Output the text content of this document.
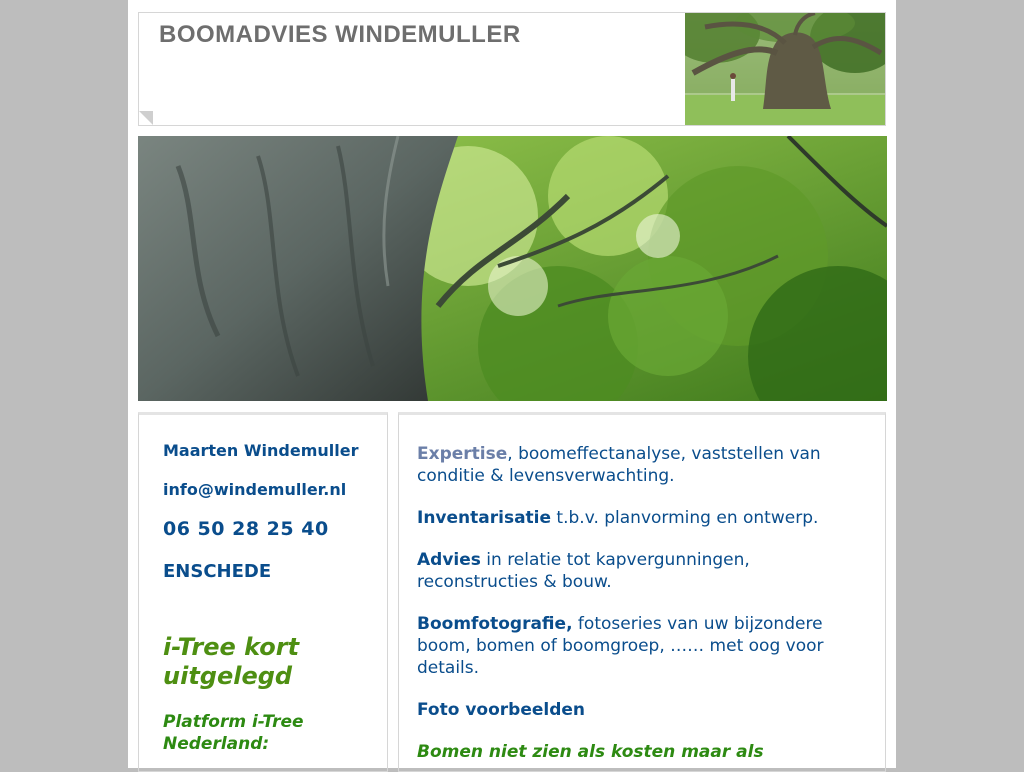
BOOMADVIES WINDEMULLER
Maarten Windemuller
info@windemuller.nl
06 50 28 25 40
ENSCHEDE
i-Tree kort uitgelegd
Platform i-Tree Nederland:
Expertise, boomeffectanalyse, vaststellen van conditie & levensverwachting.
Inventarisatie t.b.v. planvorming en ontwerp.
Advies in relatie tot kapvergunningen, reconstructies & bouw.
Boomfotografie, fotoseries van uw bijzondere boom, bomen of boomgroep, …… met oog voor details.
Foto voorbeelden
Bomen niet zien als kosten maar als
